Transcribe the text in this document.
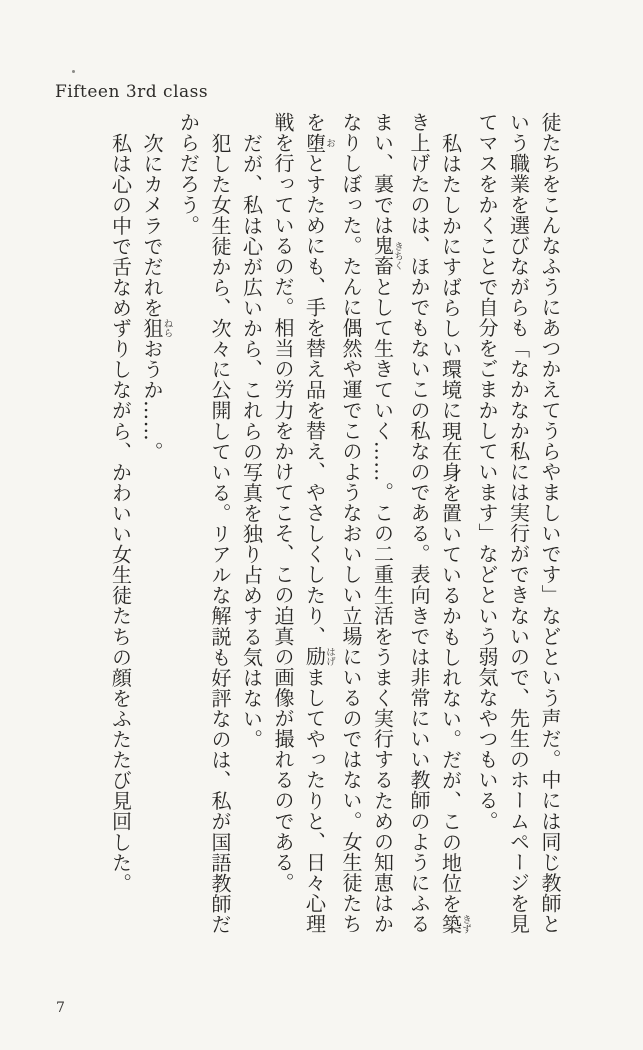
Fifteen 3rd class
徒たちをこんなふうにあつかえてうらやましいです」などという声だ。中には同じ教師と
いう職業を選びながらも「なかなか私には実行ができないので、先生のホームページを見
てマスをかくことで自分をごまかしています」などという弱気なやつもいる。
私はたしかにすばらしい環境に現在身を置いているかもしれない。だが、この地位を築きず
き上げたのは、ほかでもないこの私なのである。表向きでは非常にいい教師のようにふる
まい、裏では鬼畜きちくとして生きていく……。この二重生活をうまく実行するための知恵はか
なりしぼった。たんに偶然や運でこのようなおいしい立場にいるのではない。女生徒たち
を堕おとすためにも、手を替え品を替え、やさしくしたり、励はげましてやったりと、日々心理
戦を行っているのだ。相当の労力をかけてこそ、この迫真の画像が撮れるのである。
だが、私は心が広いから、これらの写真を独り占めする気はない。
犯した女生徒から、次々に公開している。リアルな解説も好評なのは、私が国語教師だ
からだろう。
次にカメラでだれを狙ねらおうか……。
私は心の中で舌なめずりしながら、かわいい女生徒たちの顔をふたたび見回した。
7
